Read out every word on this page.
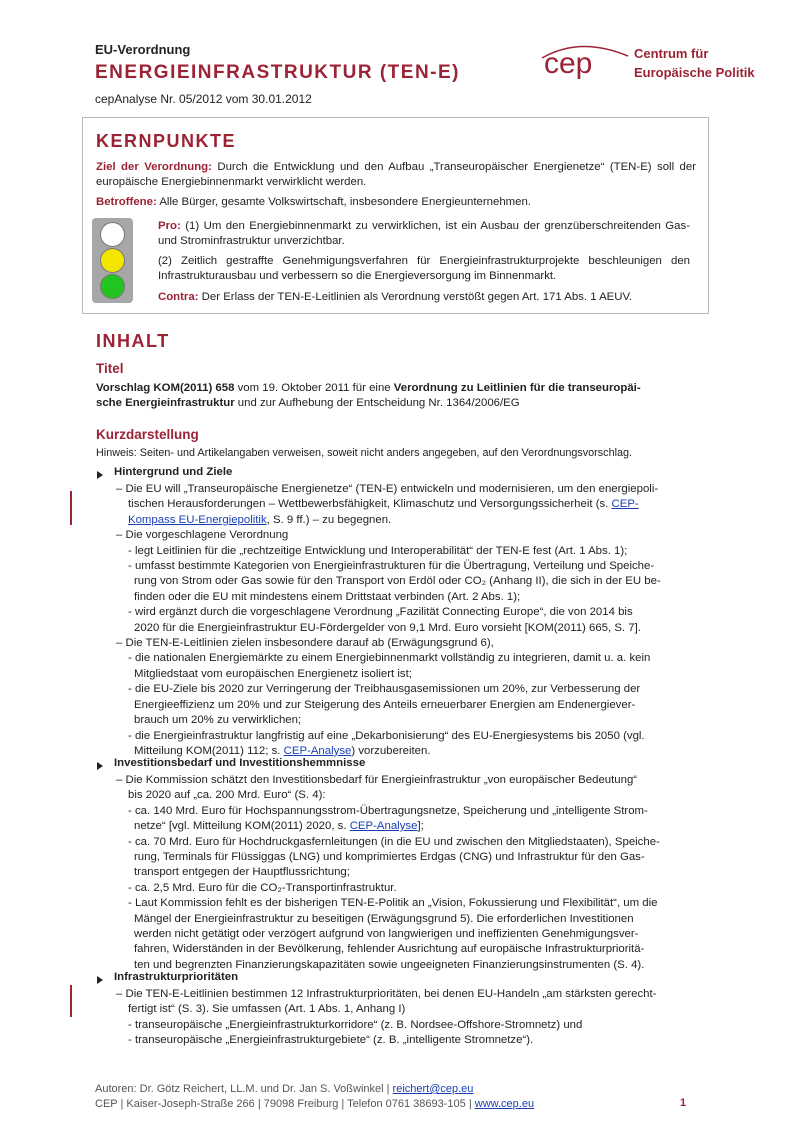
EU-Verordnung
ENERGIEINFRASTRUKTUR (TEN-E)
cepAnalyse Nr. 05/2012 vom 30.01.2012
cep	Centrum für
Europäische Politik
KERNPUNKTE
Ziel der Verordnung: Durch die Entwicklung und den Aufbau „Transeuropäischer Energienetze“ (TEN-E) soll der europäische Energiebinnenmarkt verwirklicht werden.
Betroffene: Alle Bürger, gesamte Volkswirtschaft, insbesondere Energieunternehmen.
Pro: (1) Um den Energiebinnenmarkt zu verwirklichen, ist ein Ausbau der grenzüberschreitenden Gas- und Strominfrastruktur unverzichtbar.
(2) Zeitlich gestraffte Genehmigungsverfahren für Energieinfrastrukturprojekte beschleunigen den Infrastrukturausbau und verbessern so die Energieversorgung im Binnenmarkt.
Contra: Der Erlass der TEN-E-Leitlinien als Verordnung verstößt gegen Art. 171 Abs. 1 AEUV.
INHALT
Titel
Vorschlag KOM(2011) 658 vom 19. Oktober 2011 für eine Verordnung zu Leitlinien für die transeuropäi-
sche Energieinfrastruktur und zur Aufhebung der Entscheidung Nr. 1364/2006/EG
Kurzdarstellung
Hinweis: Seiten- und Artikelangaben verweisen, soweit nicht anders angegeben, auf den Verordnungsvorschlag.
Hintergrund und Ziele
– Die EU will „Transeuropäische Energienetze“ (TEN-E) entwickeln und modernisieren, um den energiepoli-
tischen Herausforderungen – Wettbewerbsfähigkeit, Klimaschutz und Versorgungssicherheit (s. CEP-
Kompass EU-Energiepolitik, S. 9 ff.) – zu begegnen.
– Die vorgeschlagene Verordnung
- legt Leitlinien für die „rechtzeitige Entwicklung und Interoperabilität“ der TEN-E fest (Art. 1 Abs. 1);
- umfasst bestimmte Kategorien von Energieinfrastrukturen für die Übertragung, Verteilung und Speiche-
rung von Strom oder Gas sowie für den Transport von Erdöl oder CO₂ (Anhang II), die sich in der EU be-
finden oder die EU mit mindestens einem Drittstaat verbinden (Art. 2 Abs. 1);
- wird ergänzt durch die vorgeschlagene Verordnung „Fazilität Connecting Europe“, die von 2014 bis
2020 für die Energieinfrastruktur EU-Fördergelder von 9,1 Mrd. Euro vorsieht [KOM(2011) 665, S. 7].
– Die TEN-E-Leitlinien zielen insbesondere darauf ab (Erwägungsgrund 6),
- die nationalen Energiemärkte zu einem Energiebinnenmarkt vollständig zu integrieren, damit u. a. kein
Mitgliedstaat vom europäischen Energienetz isoliert ist;
- die EU-Ziele bis 2020 zur Verringerung der Treibhausgasemissionen um 20%, zur Verbesserung der
Energieeffizienz um 20% und zur Steigerung des Anteils erneuerbarer Energien am Endenergiever-
brauch um 20% zu verwirklichen;
- die Energieinfrastruktur langfristig auf eine „Dekarbonisierung“ des EU-Energiesystems bis 2050 (vgl.
Mitteilung KOM(2011) 112; s. CEP-Analyse) vorzubereiten.
Investitionsbedarf und Investitionshemmnisse
– Die Kommission schätzt den Investitionsbedarf für Energieinfrastruktur „von europäischer Bedeutung“
bis 2020 auf „ca. 200 Mrd. Euro“ (S. 4):
- ca. 140 Mrd. Euro für Hochspannungsstrom-Übertragungsnetze, Speicherung und „intelligente Strom-
netze“ [vgl. Mitteilung KOM(2011) 2020, s. CEP-Analyse];
- ca. 70 Mrd. Euro für Hochdruckgasfernleitungen (in die EU und zwischen den Mitgliedstaaten), Speiche-
rung, Terminals für Flüssiggas (LNG) und komprimiertes Erdgas (CNG) und Infrastruktur für den Gas-
transport entgegen der Hauptflussrichtung;
- ca. 2,5 Mrd. Euro für die CO₂-Transportinfrastruktur.
- Laut Kommission fehlt es der bisherigen TEN-E-Politik an „Vision, Fokussierung und Flexibilität“, um die
Mängel der Energieinfrastruktur zu beseitigen (Erwägungsgrund 5). Die erforderlichen Investitionen
werden nicht getätigt oder verzögert aufgrund von langwierigen und ineffizienten Genehmigungsver-
fahren, Widerständen in der Bevölkerung, fehlender Ausrichtung auf europäische Infrastrukturprioritä-
ten und begrenzten Finanzierungskapazitäten sowie ungeeigneten Finanzierungsinstrumenten (S. 4).
Infrastrukturprioritäten
– Die TEN-E-Leitlinien bestimmen 12 Infrastrukturprioritäten, bei denen EU-Handeln „am stärksten gerecht-
fertigt ist“ (S. 3). Sie umfassen (Art. 1 Abs. 1, Anhang I)
- transeuropäische „Energieinfrastrukturkorridore“ (z. B. Nordsee-Offshore-Stromnetz) und
- transeuropäische „Energieinfrastrukturgebiete“ (z. B. „intelligente Stromnetze“).
Autoren: Dr. Götz Reichert, LL.M. und Dr. Jan S. Voßwinkel | reichert@cep.eu
CEP | Kaiser-Joseph-Straße 266 | 79098 Freiburg | Telefon 0761 38693-105 | www.cep.eu	1
